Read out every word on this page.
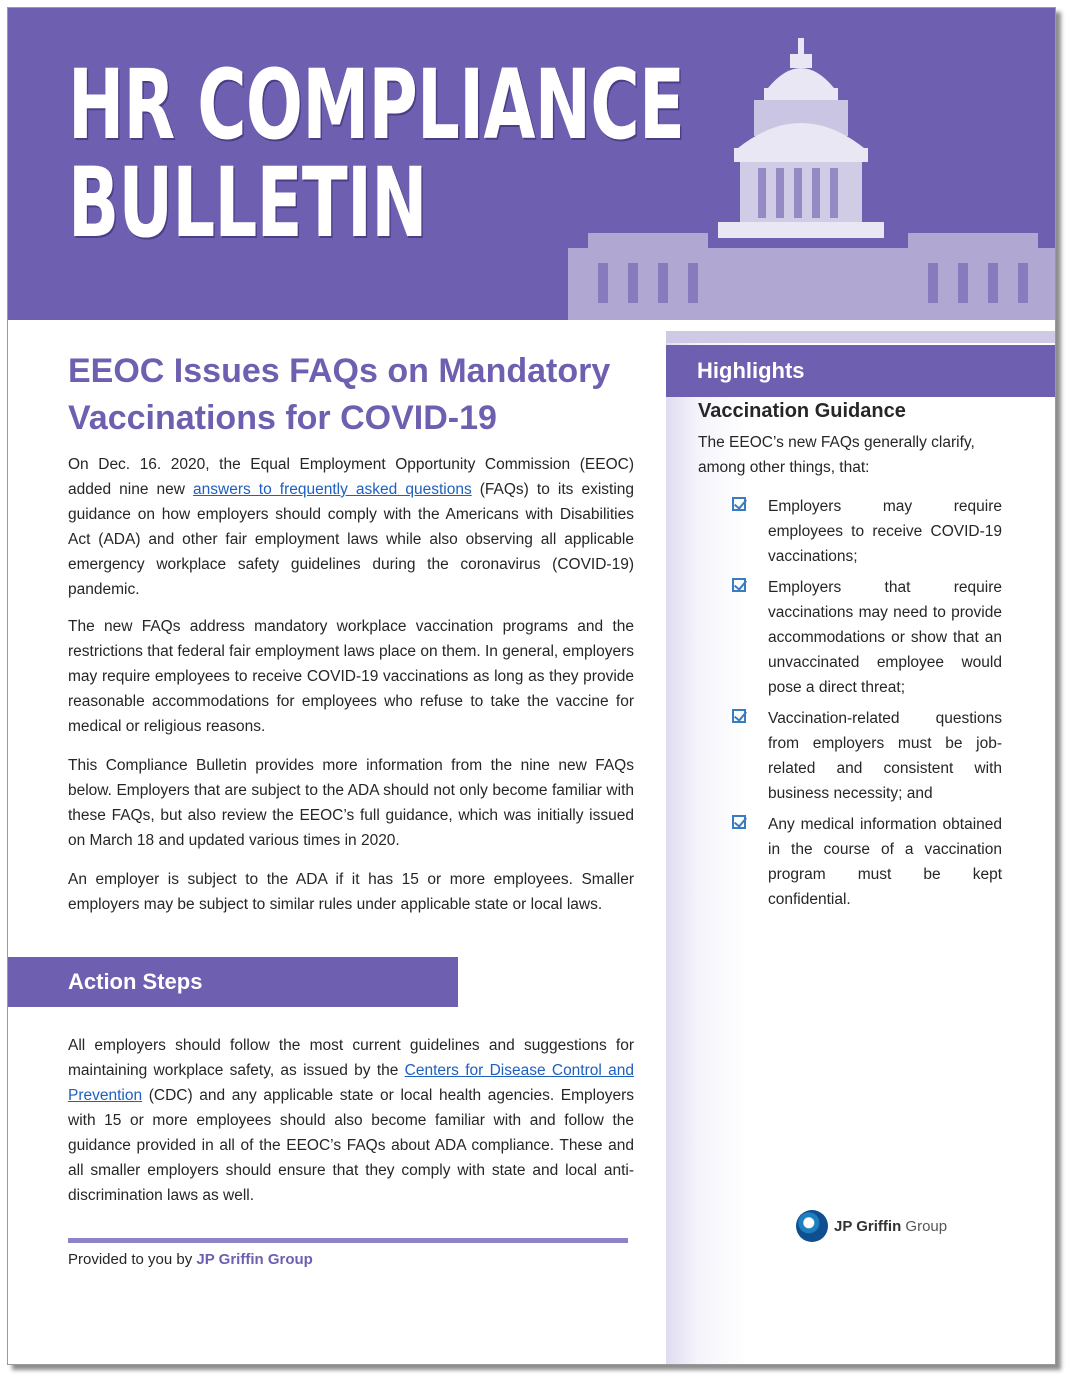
HR COMPLIANCE
BULLETIN
Highlights
Vaccination Guidance

The EEOC’s new FAQs generally clarify, among other things, that:

Employers may require employees to receive COVID-19 vaccinations;
Employers that require vaccinations may need to provide accommodations or show that an unvaccinated employee would pose a direct threat;
Vaccination-related questions from employers must be job-related and consistent with business necessity; and
Any medical information obtained in the course of a vaccination program must be kept confidential.
JP Griffin Group
EEOC Issues FAQs on Mandatory Vaccinations for COVID-19

On Dec. 16. 2020, the Equal Employment Opportunity Commission (EEOC) added nine new answers to frequently asked questions (FAQs) to its existing guidance on how employers should comply with the Americans with Disabilities Act (ADA) and other fair employment laws while also observing all applicable emergency workplace safety guidelines during the coronavirus (COVID-19) pandemic.

The new FAQs address mandatory workplace vaccination programs and the restrictions that federal fair employment laws place on them. In general, employers may require employees to receive COVID-19 vaccinations as long as they provide reasonable accommodations for employees who refuse to take the vaccine for medical or religious reasons.

This Compliance Bulletin provides more information from the nine new FAQs below. Employers that are subject to the ADA should not only become familiar with these FAQs, but also review the EEOC’s full guidance, which was initially issued on March 18 and updated various times in 2020.

An employer is subject to the ADA if it has 15 or more employees. Smaller employers may be subject to similar rules under applicable state or local laws.

Action Steps

All employers should follow the most current guidelines and suggestions for maintaining workplace safety, as issued by the Centers for Disease Control and Prevention (CDC) and any applicable state or local health agencies. Employers with 15 or more employees should also become familiar with and follow the guidance provided in all of the EEOC’s FAQs about ADA compliance. These and all smaller employers should ensure that they comply with state and local anti-discrimination laws as well.

Provided to you by JP Griffin Group
